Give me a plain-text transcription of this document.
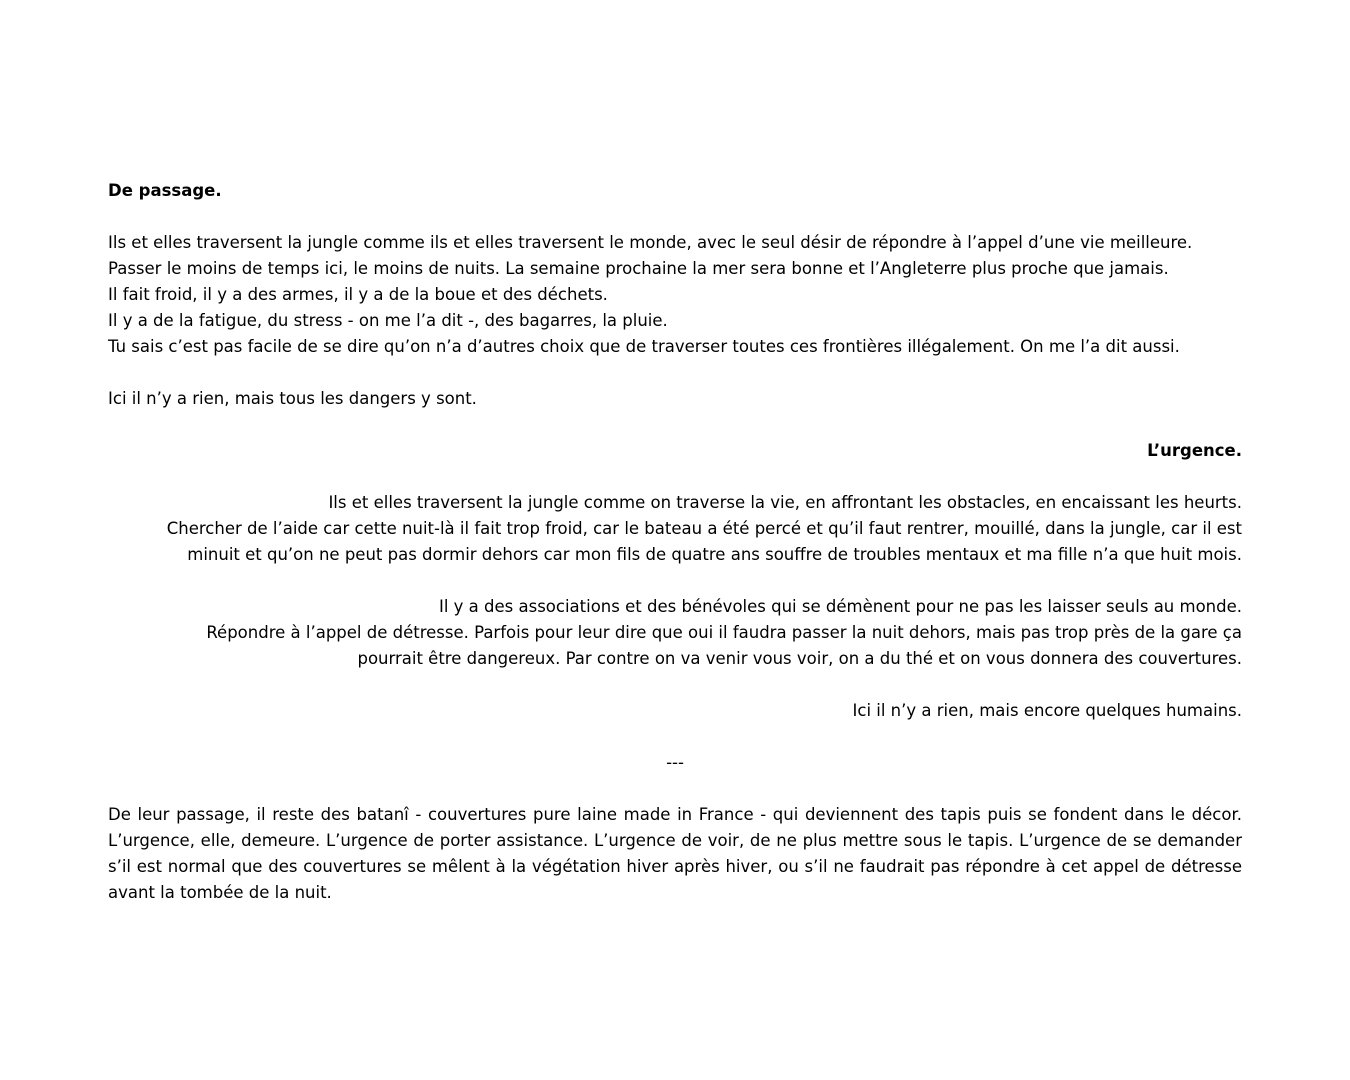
De passage.
Ils et elles traversent la jungle comme ils et elles traversent le monde, avec le seul désir de répondre à l’appel d’une vie meilleure.
Passer le moins de temps ici, le moins de nuits. La semaine prochaine la mer sera bonne et l’Angleterre plus proche que jamais.
Il fait froid, il y a des armes, il y a de la boue et des déchets.
Il y a de la fatigue, du stress - on me l’a dit -, des bagarres, la pluie.
Tu sais c’est pas facile de se dire qu’on n’a d’autres choix que de traverser toutes ces frontières illégalement. On me l’a dit aussi.
Ici il n’y a rien, mais tous les dangers y sont.
L’urgence.
Ils et elles traversent la jungle comme on traverse la vie, en affrontant les obstacles, en encaissant les heurts.
Chercher de l’aide car cette nuit-là il fait trop froid, car le bateau a été percé et qu’il faut rentrer, mouillé, dans la jungle, car il est
minuit et qu’on ne peut pas dormir dehors car mon fils de quatre ans souffre de troubles mentaux et ma fille n’a que huit mois.
Il y a des associations et des bénévoles qui se démènent pour ne pas les laisser seuls au monde.
Répondre à l’appel de détresse. Parfois pour leur dire que oui il faudra passer la nuit dehors, mais pas trop près de la gare ça
pourrait être dangereux. Par contre on va venir vous voir, on a du thé et on vous donnera des couvertures.
Ici il n’y a rien, mais encore quelques humains.
---
De leur passage, il reste des batanî - couvertures pure laine made in France - qui deviennent des tapis puis se fondent dans le décor. L’urgence, elle, demeure. L’urgence de porter assistance. L’urgence de voir, de ne plus mettre sous le tapis. L’urgence de se demander s’il est normal que des couvertures se mêlent à la végétation hiver après hiver, ou s’il ne faudrait pas répondre à cet appel de détresse avant la tombée de la nuit.
